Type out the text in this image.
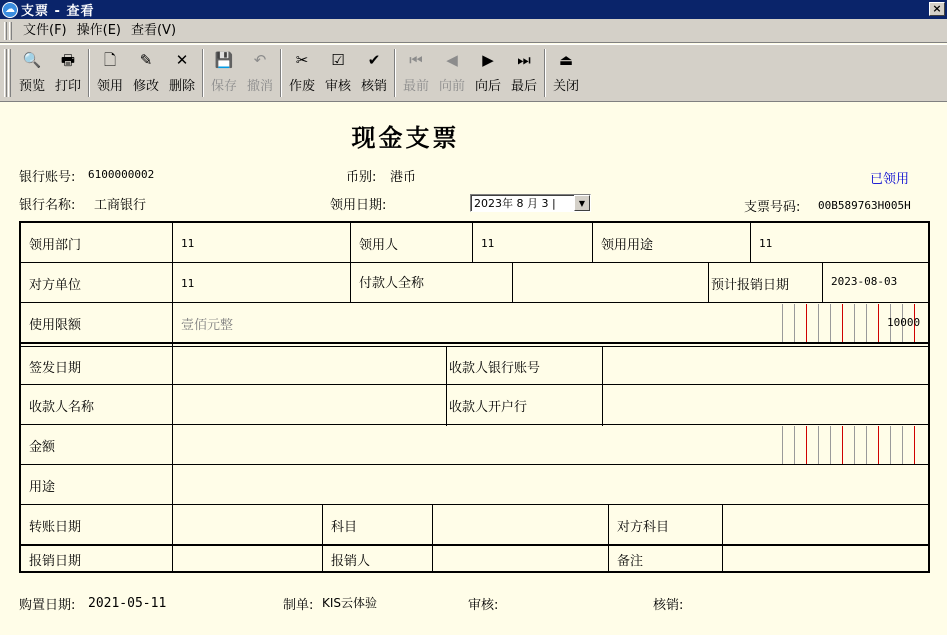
☁ 支票 - 查看	×
文件(F) 操作(E) 查看(V)
🔍
预览
🖶
打印
🗋
领用
✎
修改
✕
删除
💾
保存
↶
撤消
✂
作废
☑
审核
✔
核销
⏮
最前
◀
向前
▶
向后
⏭
最后
⏏
关闭
现金支票
银行账号: 6100000002	币别: 港币	已领用
银行名称: 工商银行	领用日期:	2023年 8 月 3 |	▼	支票号码: 00B589763H005H
领用部门	11	领用人	11	领用用途	11
对方单位	11	付款人全称	预计报销日期	2023-08-03
使用限额	壹佰元整	10000
签发日期	收款人银行账号
收款人名称	收款人开户行
金额
用途
转账日期	科目	对方科目
报销日期	报销人	备注
购置日期: 2021-05-11	制单: KIS云体验	审核:	核销:
